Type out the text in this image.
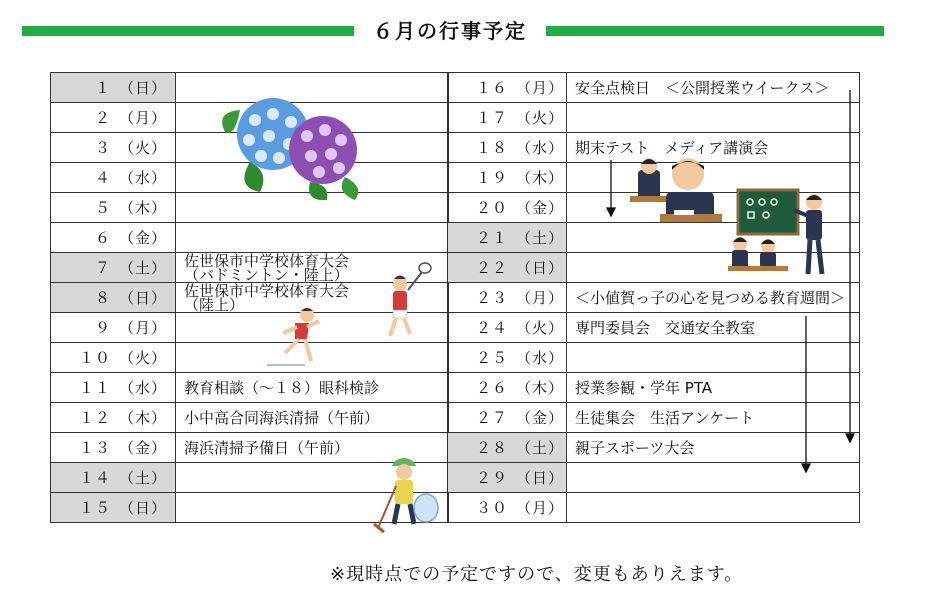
６月の行事予定
１ （日）	

２ （月）	

３ （火）	

４ （水）	

５ （木）	

６ （金）	

７ （土）	佐世保市中学校体育大会
（バドミントン・陸上）

８ （日）	佐世保市中学校体育大会
（陸上）

９ （月）	

１０ （火）	

１１ （水）	教育相談（～１８）眼科検診

１２ （木）	小中高合同海浜清掃（午前）

１３ （金）	海浜清掃予備日（午前）

１４ （土）	

１５ （日）	
１６ （月）	安全点検日　＜公開授業ウイークス＞

１７ （火）	

１８ （水）	期末テスト　メディア講演会

１９ （木）	

２０ （金）	

２１ （土）	

２２ （日）	

２３ （月）	＜小値賀っ子の心を見つめる教育週間＞

２４ （火）	専門委員会　交通安全教室

２５ （水）	

２６ （木）	授業参観・学年 PTA

２７ （金）	生徒集会　生活アンケート

２８ （土）	親子スポーツ大会

２９ （日）	

３０ （月）	
※現時点での予定ですので、変更もありえます。
